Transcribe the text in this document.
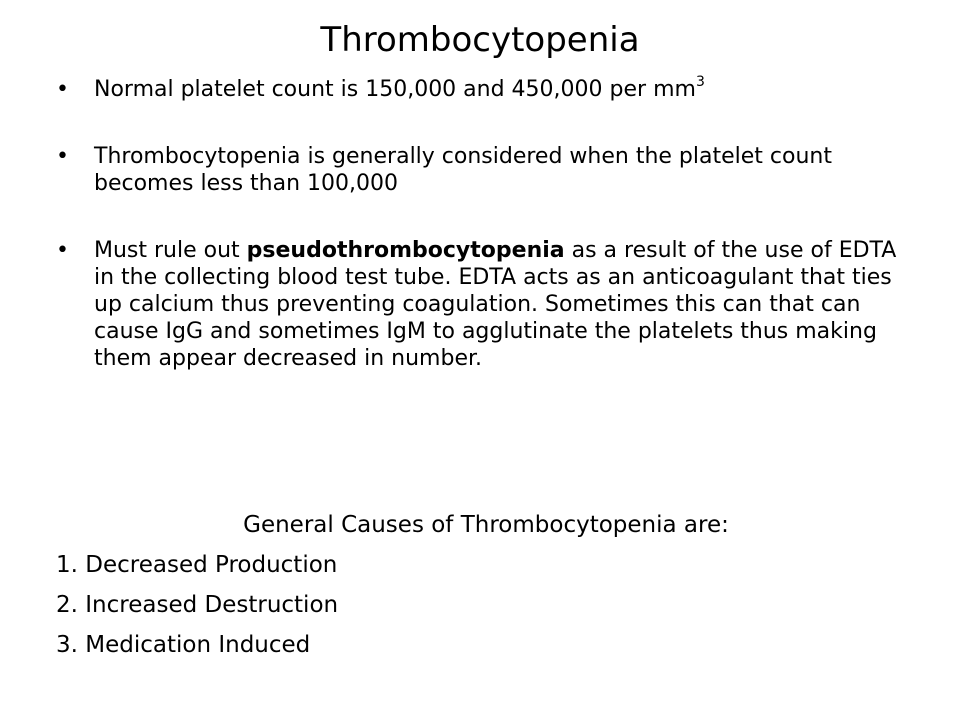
Thrombocytopenia
• Normal platelet count is 150,000 and 450,000 per $mm^3$
• Thrombocytopenia is generally considered when the platelet count becomes less than 100,000
• Must rule out pseudothrombocytopenia as a result of the use of EDTA in the collecting blood test tube. EDTA acts as an anticoagulant that ties up calcium thus preventing coagulation. Sometimes this can that can cause IgG and sometimes IgM to agglutinate the platelets thus making them appear decreased in number.
General Causes of Thrombocytopenia are:
1. Decreased Production
2. Increased Destruction
3. Medication Induced
